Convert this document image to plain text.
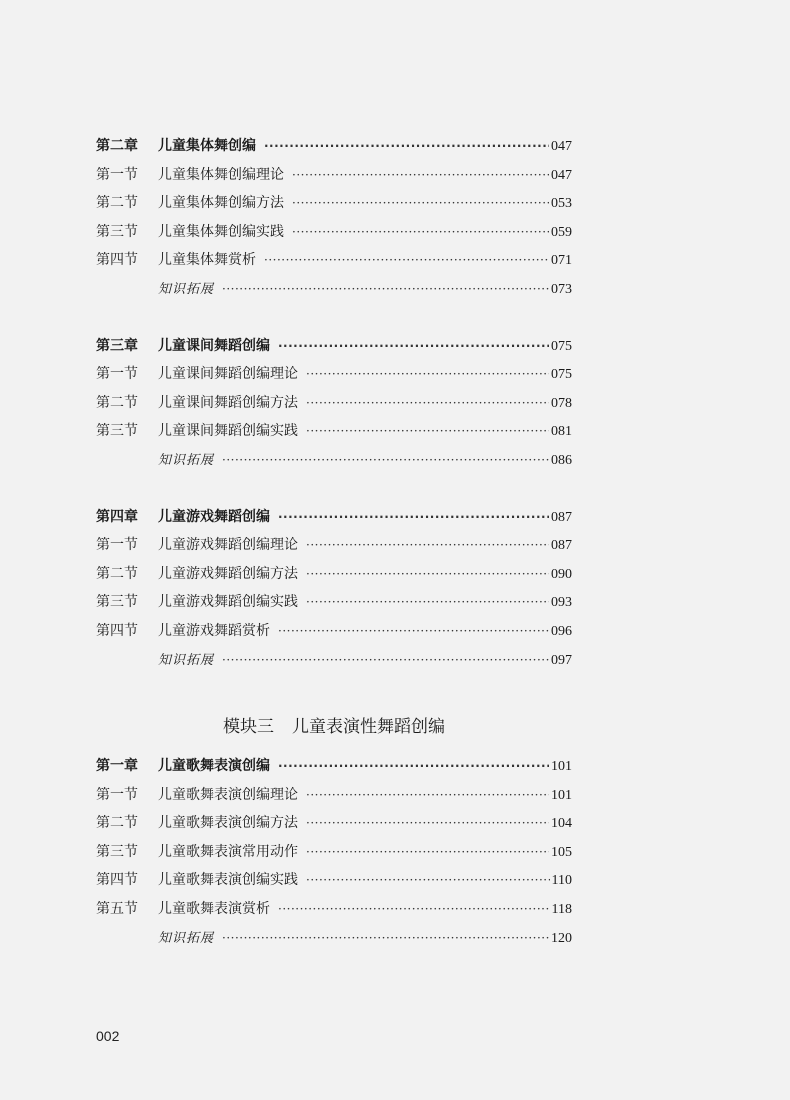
第二章	儿童集体舞创编 ·····	047
第一节	儿童集体舞创编理论 ·····	047
第二节	儿童集体舞创编方法 ·····	053
第三节	儿童集体舞创编实践 ·····	059
第四节	儿童集体舞赏析 ·····	071
知识拓展 ·····	073
第三章	儿童课间舞蹈创编 ·····	075
第一节	儿童课间舞蹈创编理论 ·····	075
第二节	儿童课间舞蹈创编方法 ·····	078
第三节	儿童课间舞蹈创编实践 ·····	081
知识拓展 ·····	086
第四章	儿童游戏舞蹈创编 ·····	087
第一节	儿童游戏舞蹈创编理论 ·····	087
第二节	儿童游戏舞蹈创编方法 ·····	090
第三节	儿童游戏舞蹈创编实践 ·····	093
第四节	儿童游戏舞蹈赏析 ·····	096
知识拓展 ·····	097
模块三 儿童表演性舞蹈创编
第一章	儿童歌舞表演创编 ·····	101
第一节	儿童歌舞表演创编理论 ·····	101
第二节	儿童歌舞表演创编方法 ·····	104
第三节	儿童歌舞表演常用动作 ·····	105
第四节	儿童歌舞表演创编实践 ·····	110
第五节	儿童歌舞表演赏析 ·····	118
知识拓展 ·····	120
002
